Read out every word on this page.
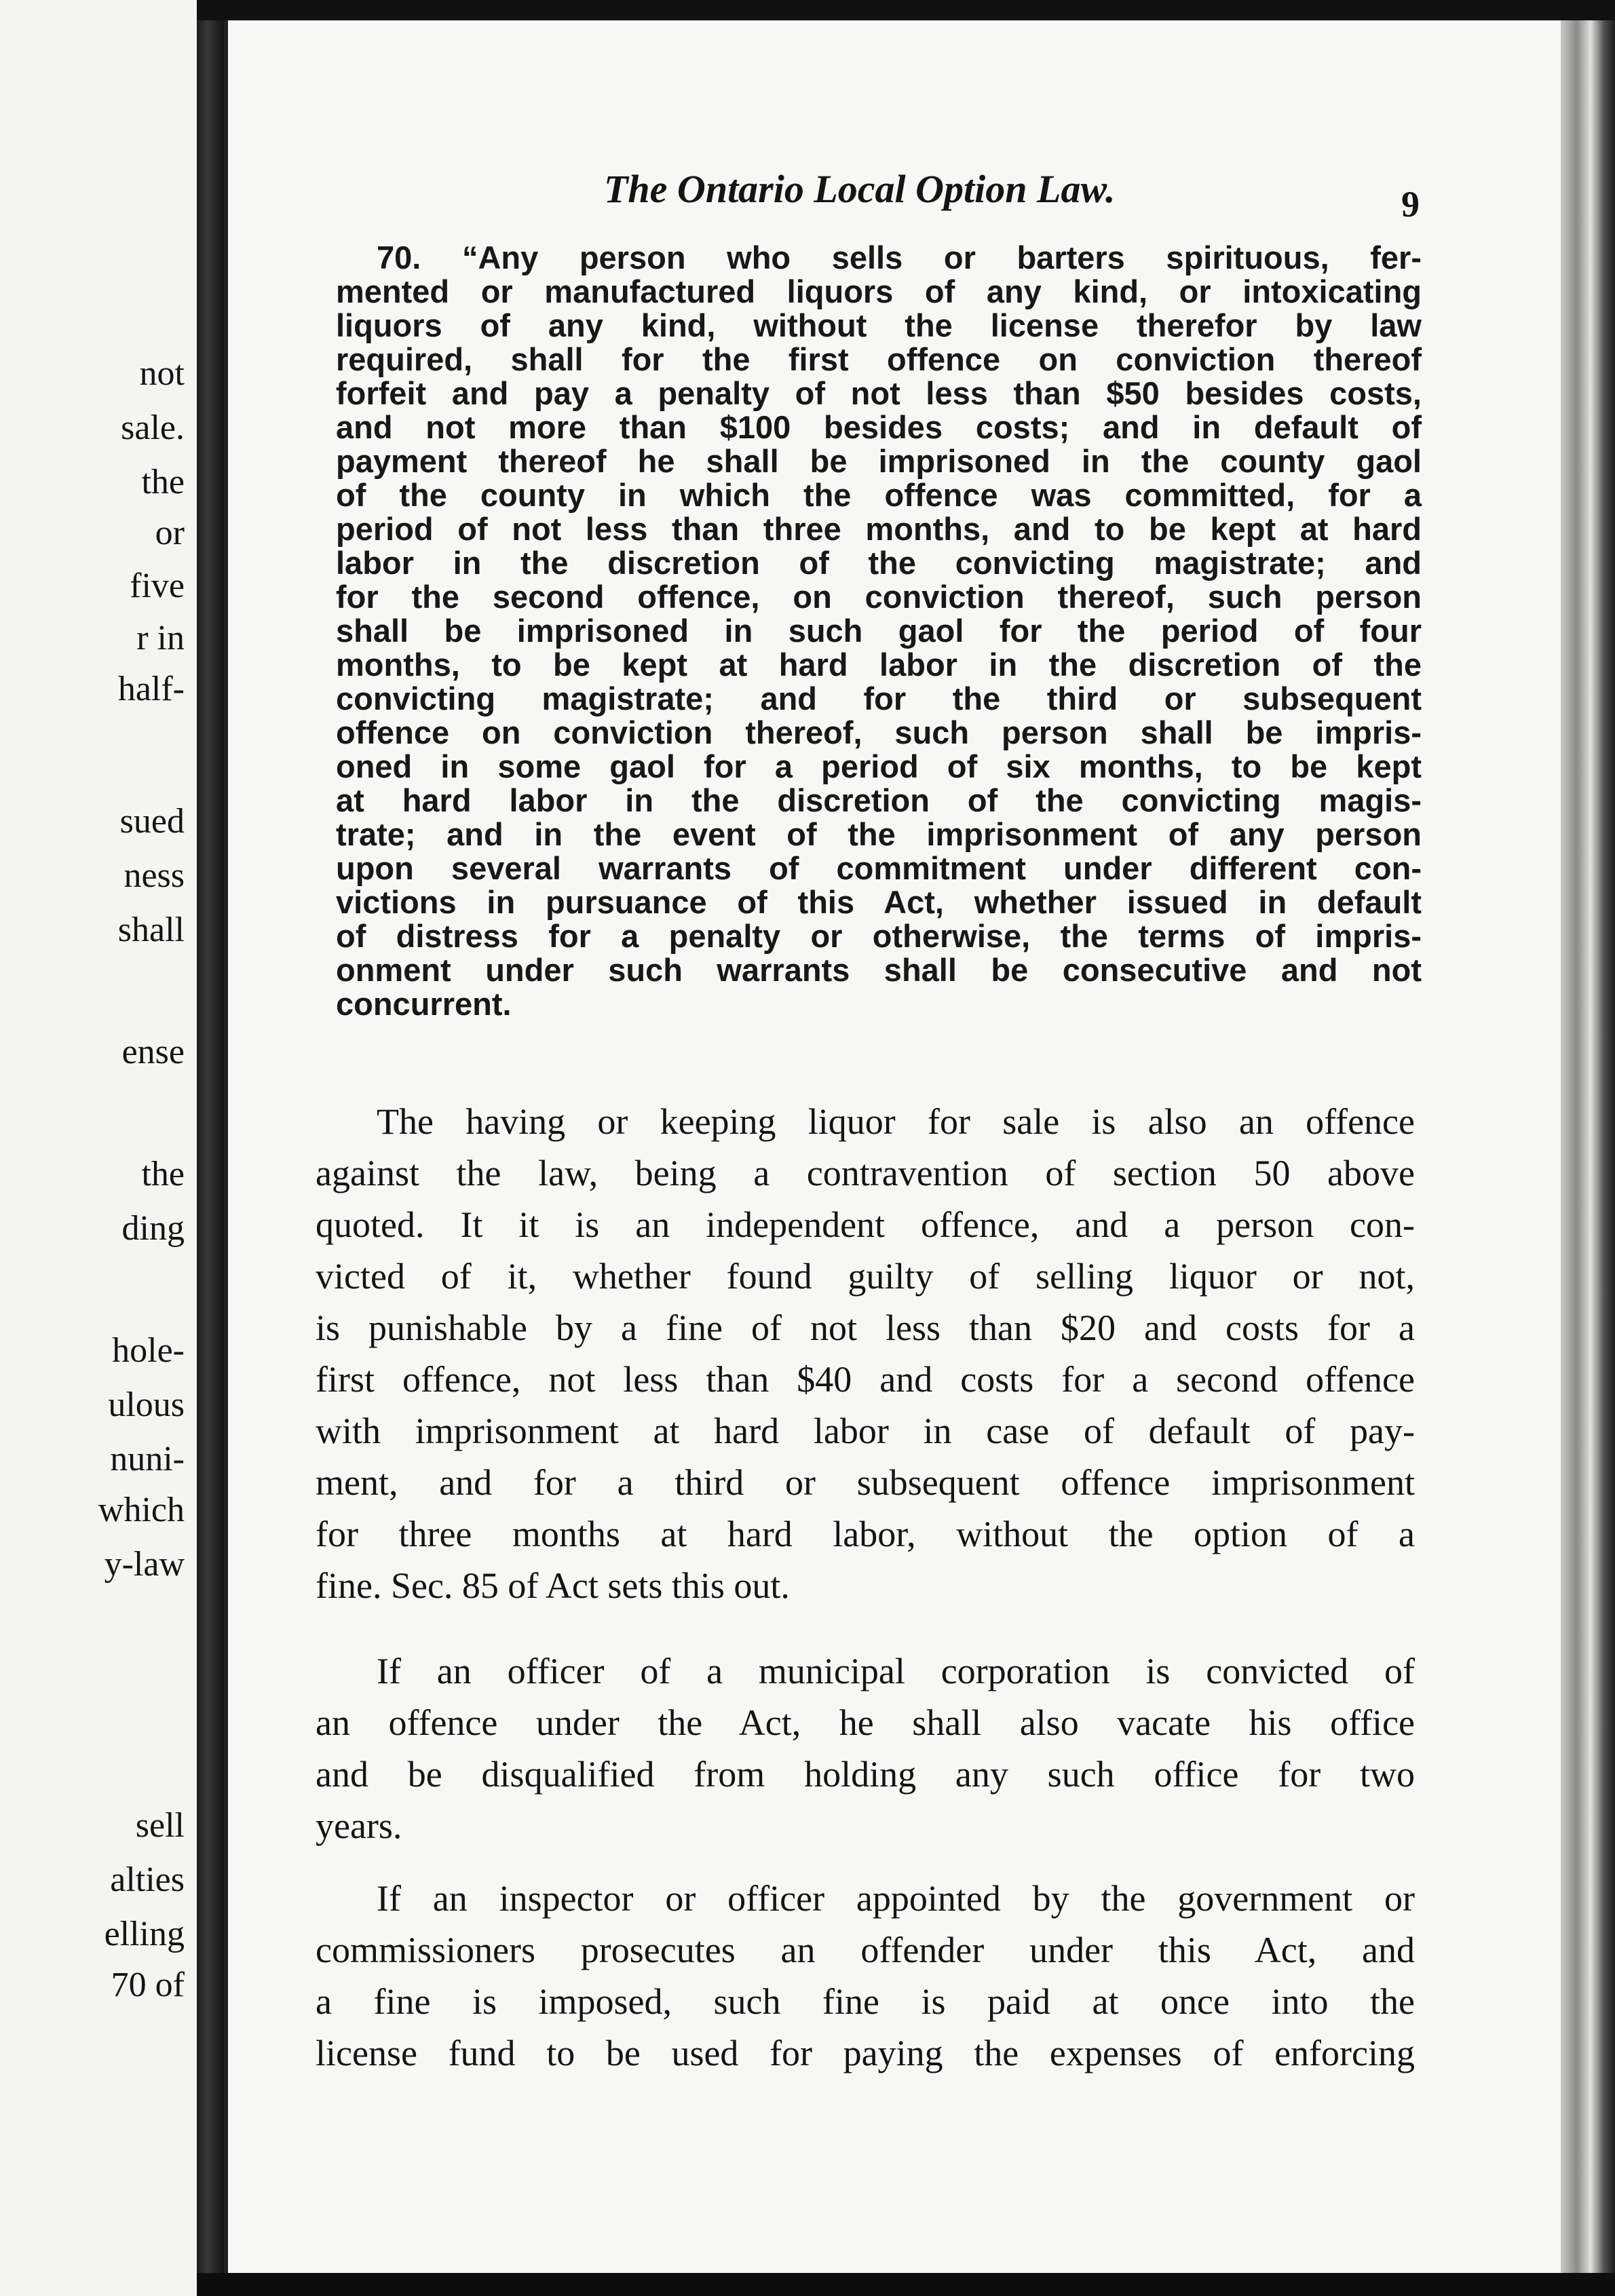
not
sale.
the
or
five
r in
half-
sued
ness
shall
ense
the
ding
hole-
ulous
nuni-
which
y-law
sell
alties
elling
70 of
The Ontario Local Option Law.	9
70. “Any person who sells or barters spirituous, fer-
mented or manufactured liquors of any kind, or intoxicating
liquors of any kind, without the license therefor by law
required, shall for the first offence on conviction thereof
forfeit and pay a penalty of not less than $50 besides costs,
and not more than $100 besides costs; and in default of
payment thereof he shall be imprisoned in the county gaol
of the county in which the offence was committed, for a
period of not less than three months, and to be kept at hard
labor in the discretion of the convicting magistrate; and
for the second offence, on conviction thereof, such person
shall be imprisoned in such gaol for the period of four
months, to be kept at hard labor in the discretion of the
convicting magistrate; and for the third or subsequent
offence on conviction thereof, such person shall be impris-
oned in some gaol for a period of six months, to be kept
at hard labor in the discretion of the convicting magis-
trate; and in the event of the imprisonment of any person
upon several warrants of commitment under different con-
victions in pursuance of this Act, whether issued in default
of distress for a penalty or otherwise, the terms of impris-
onment under such warrants shall be consecutive and not
concurrent.
The having or keeping liquor for sale is also an offence
against the law, being a contravention of section 50 above
quoted. It it is an independent offence, and a person con-
victed of it, whether found guilty of selling liquor or not,
is punishable by a fine of not less than $20 and costs for a
first offence, not less than $40 and costs for a second offence
with imprisonment at hard labor in case of default of pay-
ment, and for a third or subsequent offence imprisonment
for three months at hard labor, without the option of a
fine. Sec. 85 of Act sets this out.
If an officer of a municipal corporation is convicted of
an offence under the Act, he shall also vacate his office
and be disqualified from holding any such office for two
years.
If an inspector or officer appointed by the government or
commissioners prosecutes an offender under this Act, and
a fine is imposed, such fine is paid at once into the
license fund to be used for paying the expenses of enforcing
